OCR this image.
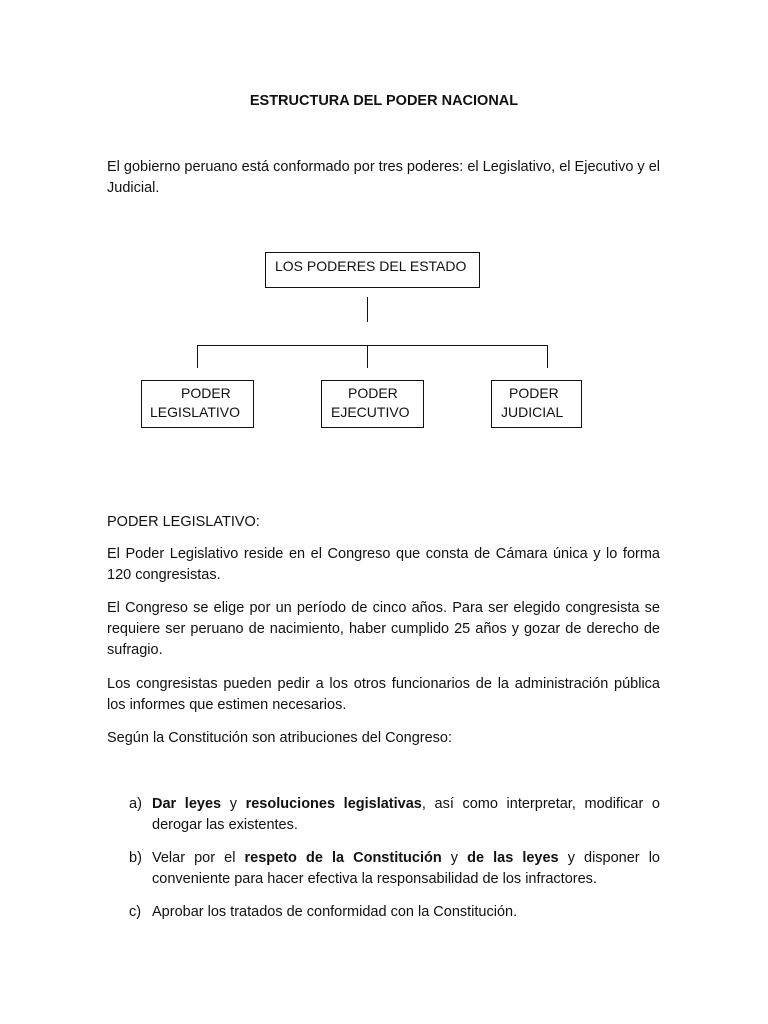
ESTRUCTURA DEL PODER NACIONAL

El gobierno peruano está conformado por tres poderes: el Legislativo, el Ejecutivo y el Judicial.

LOS PODERES DEL ESTADO
PODER
LEGISLATIVO
PODER
EJECUTIVO
PODER
JUDICIAL

PODER LEGISLATIVO:

El Poder Legislativo reside en el Congreso que consta de Cámara única y lo forma 120 congresistas.

El Congreso se elige por un período de cinco años. Para ser elegido congresista se requiere ser peruano de nacimiento, haber cumplido 25 años y gozar de derecho de sufragio.

Los congresistas pueden pedir a los otros funcionarios de la administración pública los informes que estimen necesarios.

Según la Constitución son atribuciones del Congreso:

a) Dar leyes y resoluciones legislativas, así como interpretar, modificar o derogar las existentes.
b) Velar por el respeto de la Constitución y de las leyes y disponer lo conveniente para hacer efectiva la responsabilidad de los infractores.
c) Aprobar los tratados de conformidad con la Constitución.
